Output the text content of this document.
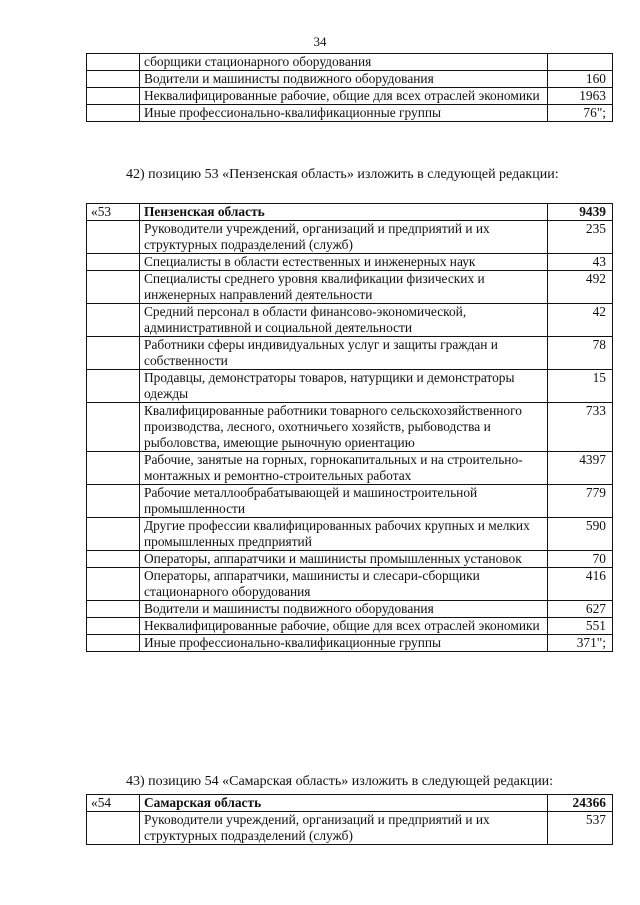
34
	сборщики стационарного оборудования	
	Водители и машинисты подвижного оборудования	160
	Неквалифицированные рабочие, общие для всех отраслей экономики	1963
	Иные профессионально-квалификационные группы	76";
42) позицию 53 «Пензенская область» изложить в следующей редакции:
«53	Пензенская область	9439
	Руководители учреждений, организаций и предприятий и их структурных подразделений (служб)	235
	Специалисты в области естественных и инженерных наук	43
	Специалисты среднего уровня квалификации физических и инженерных направлений деятельности	492
	Средний персонал в области финансово-экономической, административной и социальной деятельности	42
	Работники сферы индивидуальных услуг и защиты граждан и собственности	78
	Продавцы, демонстраторы товаров, натурщики и демонстраторы одежды	15
	Квалифицированные работники товарного сельскохозяйственного производства, лесного, охотничьего хозяйств, рыбоводства и рыболовства, имеющие рыночную ориентацию	733
	Рабочие, занятые на горных, горнокапитальных и на строительно-монтажных и ремонтно-строительных работах	4397
	Рабочие металлообрабатывающей и машиностроительной промышленности	779
	Другие профессии квалифицированных рабочих крупных и мелких промышленных предприятий	590
	Операторы, аппаратчики и машинисты промышленных установок	70
	Операторы, аппаратчики, машинисты и слесари-сборщики стационарного оборудования	416
	Водители и машинисты подвижного оборудования	627
	Неквалифицированные рабочие, общие для всех отраслей экономики	551
	Иные профессионально-квалификационные группы	371";
43) позицию 54 «Самарская область» изложить в следующей редакции:
«54	Самарская область	24366
	Руководители учреждений, организаций и предприятий и их структурных подразделений (служб)	537
